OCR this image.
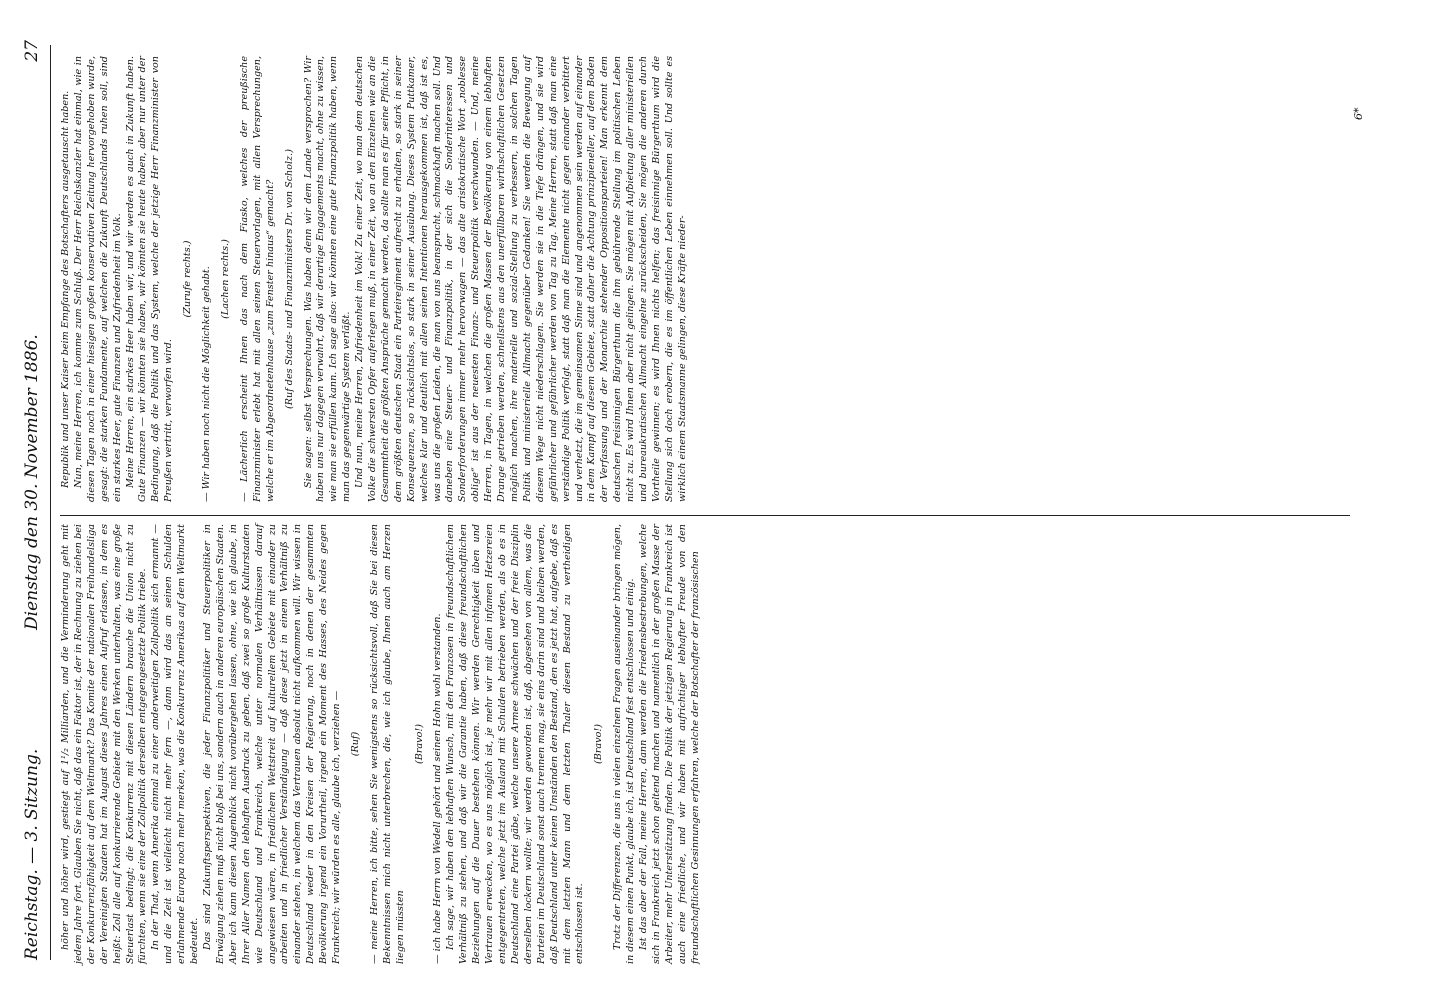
Reichstag. — 3. Sitzung.
Dienstag den 30. November 1886.
27

höher und höher wird, gestiegt auf 1¹/₂ Milliarden, und die Verminderung geht mit jedem Jahre fort. Glauben Sie nicht, daß das ein Faktor ist, der in Rechnung zu ziehen bei der Konkurrenzfähigkeit auf dem Weltmarkt? Das Komite der nationalen Freihandelsliga der Vereinigten Staaten hat im August dieses Jahres einen Aufruf erlassen, in dem es heißt: Zoll alle auf konkurrierende Gebiete mit den Werken unterhalten, was eine große Steuerlast bedingt; die Konkurrenz mit diesen Ländern brauche die Union nicht zu fürchten, wenn sie eine der Zollpolitik derselben entgegengesetzte Politik triebe. In der That, wenn Amerika einmal zu einer anderweitigen Zollpolitik sich ermannt — und die Zeit ist vielleicht nicht mehr fern —, dann wird das an seinen Schulden erlahmende Europa noch mehr merken, was die Konkurrenz Amerikas auf dem Weltmarkt bedeutet. Das sind Zukunftsperspektiven, die jeder Finanzpolitiker und Steuerpolitiker in Erwägung ziehen muß nicht bloß bei uns, sondern auch in anderen europäischen Staaten. Aber ich kann diesen Augenblick nicht vorübergehen lassen, ohne, wie ich glaube, in Ihrer Aller Namen den lebhaften Ausdruck zu geben, daß zwei so große Kulturstaaten wie Deutschland und Frankreich, welche unter normalen Verhältnissen darauf angewiesen wären, in friedlichem Wettstreit auf kulturellem Gebiete mit einander zu arbeiten und in friedlicher Verständigung — daß diese jetzt in einem Verhältniß zu einander stehen, in welchem das Vertrauen absolut nicht aufkommen will. Wir wissen in Deutschland weder in den Kreisen der Regierung, noch in denen der gesammten Bevölkerung irgend ein Vorurtheil, irgend ein Moment des Hasses, des Neides gegen Frankreich; wir würden es alle, glaube ich, verziehen — (Ruf) — meine Herren, ich bitte, sehen Sie wenigstens so rücksichtsvoll, daß Sie bei diesen Bekenntnissen mich nicht unterbrechen, die, wie ich glaube, Ihnen auch am Herzen liegen müssten

(Bravo!) — ich habe Herrn von Wedell gehört und seinen Hohn wohl verstanden. Ich sage, wir haben den lebhaften Wunsch, mit den Franzosen in freundschaftlichem Verhältniß zu stehen, und daß wir die Garantie haben, daß diese freundschaftlichen Beziehungen auf die Dauer bestehen können. Wir werden Gerechtigkeit üben und Vertrauen erwecken, wo es uns möglich ist, je mehr wir mit allen infamen Hetzereien entgegentreten, welche jetzt im Ausland mit Schulden betrieben werden, als ob es in Deutschland eine Partei gäbe, welche unsere Armee schwächen und der freie Disziplin derselben lockern wollte; wir werden geworden ist, daß, abgesehen von allem, was die Parteien im Deutschland sonst auch trennen mag, sie eins darin sind und bleiben werden, daß Deutschland unter keinen Umständen den Bestand, den es jetzt hat, aufgebe, daß es mit dem letzten Mann und dem letzten Thaler diesen Bestand zu vertheidigen entschlossen ist.

(Bravo!) Trotz der Differenzen, die uns in vielen einzelnen Fragen auseinander bringen mögen, in diesem einen Punkt, glaube ich, ist Deutschland fest entschlossen und einig. Ist das aber der Fall, meine Herren, dann werden die Friedensbestrebungen, welche sich in Frankreich jetzt schon geltend machen und namentlich in der großen Masse der Arbeiter, mehr Unterstützung finden. Die Politik der jetzigen Regierung in Frankreich ist auch eine friedliche, und wir haben mit aufrichtiger lebhafter Freude von den freundschaftlichen Gesinnungen erfahren, welche der Botschafter der französischen

Republik und unser Kaiser beim Empfange des Botschafters ausgetauscht haben. Nun, meine Herren, ich komme zum Schluß. Der Herr Reichskanzler hat einmal, wie in diesen Tagen noch in einer hiesigen großen konservativen Zeitung hervorgehoben wurde, gesagt: die starken Fundamente, auf welchen die Zukunft Deutschlands ruhen soll, sind ein starkes Heer, gute Finanzen und Zufriedenheit im Volk. Meine Herren, ein starkes Heer haben wir, und wir werden es auch in Zukunft haben. Gute Finanzen — wir könnten sie haben, wir könnten sie heute haben, aber nur unter der Bedingung, daß die Politik und das System, welche der jetzige Herr Finanzminister von Preußen vertritt, verworfen wird.

(Zurufe rechts.) — Wir haben noch nicht die Möglichkeit gehabt. (Lachen rechts.) — Lächerlich erscheint Ihnen das nach dem Fiasko, welches der preußische Finanzminister erlebt hat mit allen seinen Steuervorlagen, mit allen Versprechungen, welche er im Abgeordnetenhause „zum Fenster hinaus“ gemacht? (Ruf des Staats- und Finanzministers Dr. von Scholz.) Sie sagen: selbst Versprechungen. Was haben denn wir dem Lande versprochen? Wir haben uns nur dagegen verwahrt, daß wir derartige Engagements macht, ohne zu wissen, wie man sie erfüllen kann. Ich sage also: wir könnten eine gute Finanzpolitik haben, wenn man das gegenwärtige System verläßt. Und nun, meine Herren, Zufriedenheit im Volk! Zu einer Zeit, wo man dem deutschen Volke die schwersten Opfer auferlegen muß, in einer Zeit, wo an den Einzelnen wie an die Gesammtheit die größten Ansprüche gemacht werden, da sollte man es für seine Pflicht, in dem größten deutschen Staat ein Parteiregiment aufrecht zu erhalten, so stark in seiner Konsequenzen, so rücksichtslos, so stark in seiner Ausübung. Dieses System Puttkamer, welches klar und deutlich mit allen seinen Intentionen herausgekommen ist, daß ist es, was uns die großen Leiden, die man von uns beansprucht, schmackhaft machen soll. Und daneben eine Steuer- und Finanzpolitik, in der sich die Sonderinteressen und Sonderforderungen immer mehr hervorwagen — das alte aristokratische Wort „noblesse oblige“ ist aus der neuesten Finanz- und Steuerpolitik verschwunden. — Und, meine Herren, in Tagen, in welchen die großen Massen der Bevölkerung von einem lebhaften Drange getrieben werden, schnellstens aus den unerfüllbaren wirthschaftlichen Gesetzen möglich machen, ihre materielle und sozial-Stellung zu verbessern, in solchen Tagen Politik und ministerielle Allmacht gegenüber Gedanken! Sie werden die Bewegung auf diesem Wege nicht niederschlagen. Sie werden sie in die Tiefe drängen, und sie wird gefährlicher und gefährlicher werden von Tag zu Tag. Meine Herren, statt daß man eine verständige Politik verfolgt, statt daß man die Elemente nicht gegen einander verbittert und verhetzt, die im gemeinsamen Sinne sind und angenommen sein werden auf einander in dem Kampf auf diesem Gebiete, statt daher die Achtung prinzipieneller, auf dem Boden der Verfassung und der Monarchie stehender Oppositionsparteien! Man erkennt dem deutschen freisinnigen Bürgerthum die ihm gebührende Stellung im politischen Leben nicht zu. Es wird Ihnen aber nicht gelingen. Sie mögen mit Aufbietung aller ministeriellen und bureaukratischen Allmacht eingelne zurückscheiden, Sie mögen die anderen durch Vortheile gewinnen; es wird Ihnen nichts helfen; das freisinnige Bürgerthum wird die Stellung sich doch erobern, die es im öffentlichen Leben einnehmen soll. Und sollte es wirklich einem Staatsmanne gelingen, diese Kräfte nieder-

6*
